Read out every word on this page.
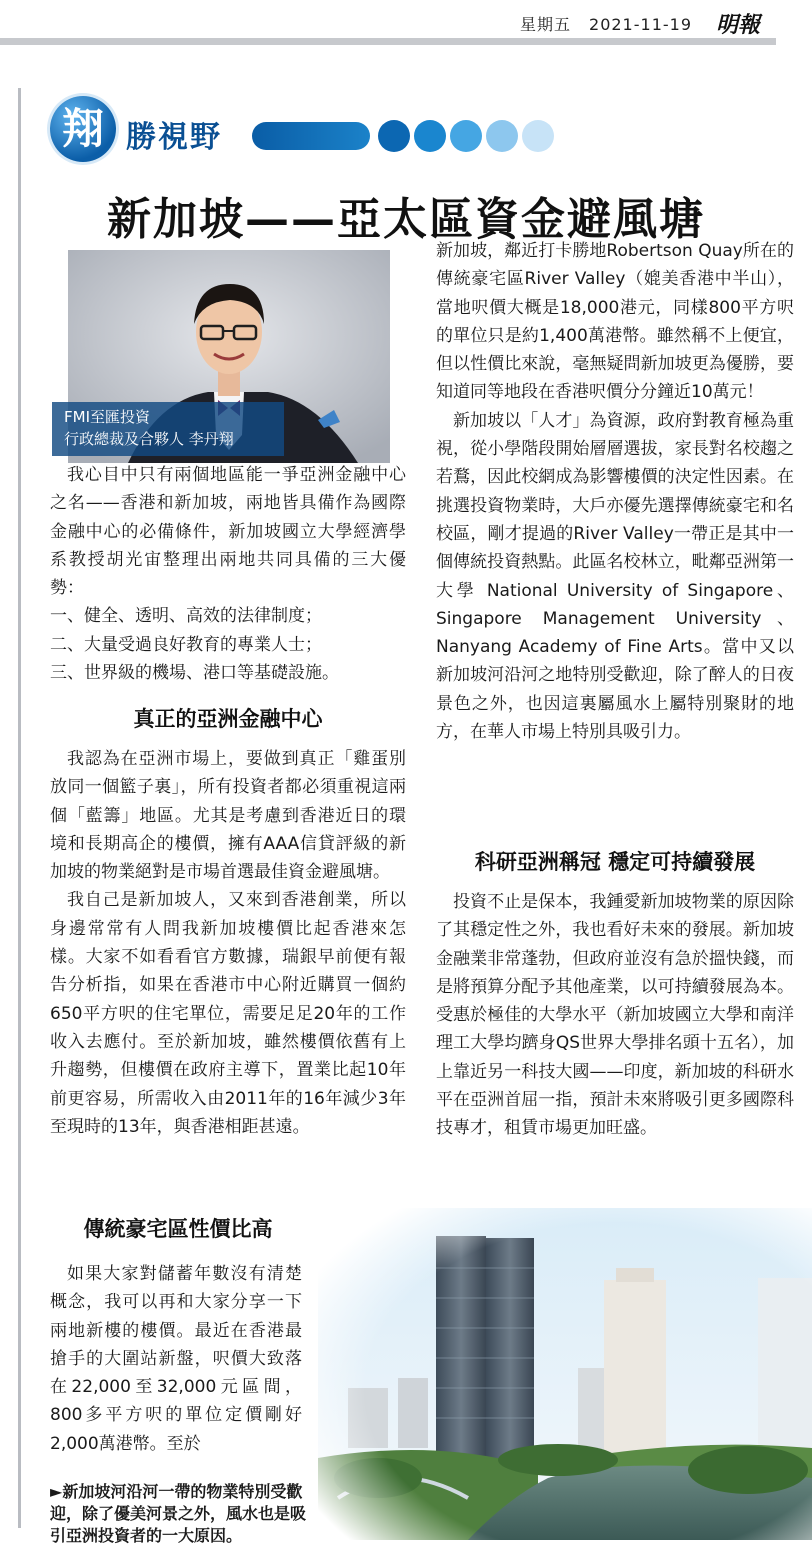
星期五 2021-11-19	明報
翔 勝視野
新加坡——亞太區資金避風塘
FMI至匯投資
行政總裁及合夥人 李丹翔

我心目中只有兩個地區能一爭亞洲金融中心之名——香港和新加坡，兩地皆具備作為國際金融中心的必備條件，新加坡國立大學經濟學系教授胡光宙整理出兩地共同具備的三大優勢：

一、健全、透明、高效的法律制度；

二、大量受過良好教育的專業人士；

三、世界級的機場、港口等基礎設施。

真正的亞洲金融中心

我認為在亞洲市場上，要做到真正「雞蛋別放同一個籃子裏」，所有投資者都必須重視這兩個「藍籌」地區。尤其是考慮到香港近日的環境和長期高企的樓價，擁有AAA信貸評級的新加坡的物業絕對是市場首選最佳資金避風塘。

我自己是新加坡人，又來到香港創業，所以身邊常常有人問我新加坡樓價比起香港來怎樣。大家不如看看官方數據，瑞銀早前便有報告分析指，如果在香港市中心附近購買一個約650平方呎的住宅單位，需要足足20年的工作收入去應付。至於新加坡，雖然樓價依舊有上升趨勢，但樓價在政府主導下，置業比起10年前更容易，所需收入由2011年的16年減少3年至現時的13年，與香港相距甚遠。

傳統豪宅區性價比高

如果大家對儲蓄年數沒有清楚概念，我可以再和大家分享一下兩地新樓的樓價。最近在香港最搶手的大圍站新盤，呎價大致落在22,000至32,000元區間，800多平方呎的單位定價剛好2,000萬港幣。至於

新加坡，鄰近打卡勝地Robertson Quay所在的傳統豪宅區River Valley（媲美香港中半山），當地呎價大概是18,000港元，同樣800平方呎的單位只是約1,400萬港幣。雖然稱不上便宜，但以性價比來說，毫無疑問新加坡更為優勝，要知道同等地段在香港呎價分分鐘近10萬元！

新加坡以「人才」為資源，政府對教育極為重視，從小學階段開始層層選拔，家長對名校趨之若鶩，因此校網成為影響樓價的決定性因素。在挑選投資物業時，大戶亦優先選擇傳統豪宅和名校區，剛才提過的River Valley一帶正是其中一個傳統投資熱點。此區名校林立，毗鄰亞洲第一大學 National University of Singapore、Singapore Management University、Nanyang Academy of Fine Arts。當中又以新加坡河沿河之地特別受歡迎，除了醉人的日夜景色之外，也因這裏屬風水上屬特別聚財的地方，在華人市場上特別具吸引力。

科研亞洲稱冠 穩定可持續發展

投資不止是保本，我鍾愛新加坡物業的原因除了其穩定性之外，我也看好未來的發展。新加坡金融業非常蓬勃，但政府並沒有急於搵快錢，而是將預算分配予其他產業，以可持續發展為本。受惠於極佳的大學水平（新加坡國立大學和南洋理工大學均躋身QS世界大學排名頭十五名），加上靠近另一科技大國——印度，新加坡的科研水平在亞洲首屈一指，預計未來將吸引更多國際科技專才，租賃市場更加旺盛。

►新加坡河沿河一帶的物業特別受歡迎，除了優美河景之外，風水也是吸引亞洲投資者的一大原因。
